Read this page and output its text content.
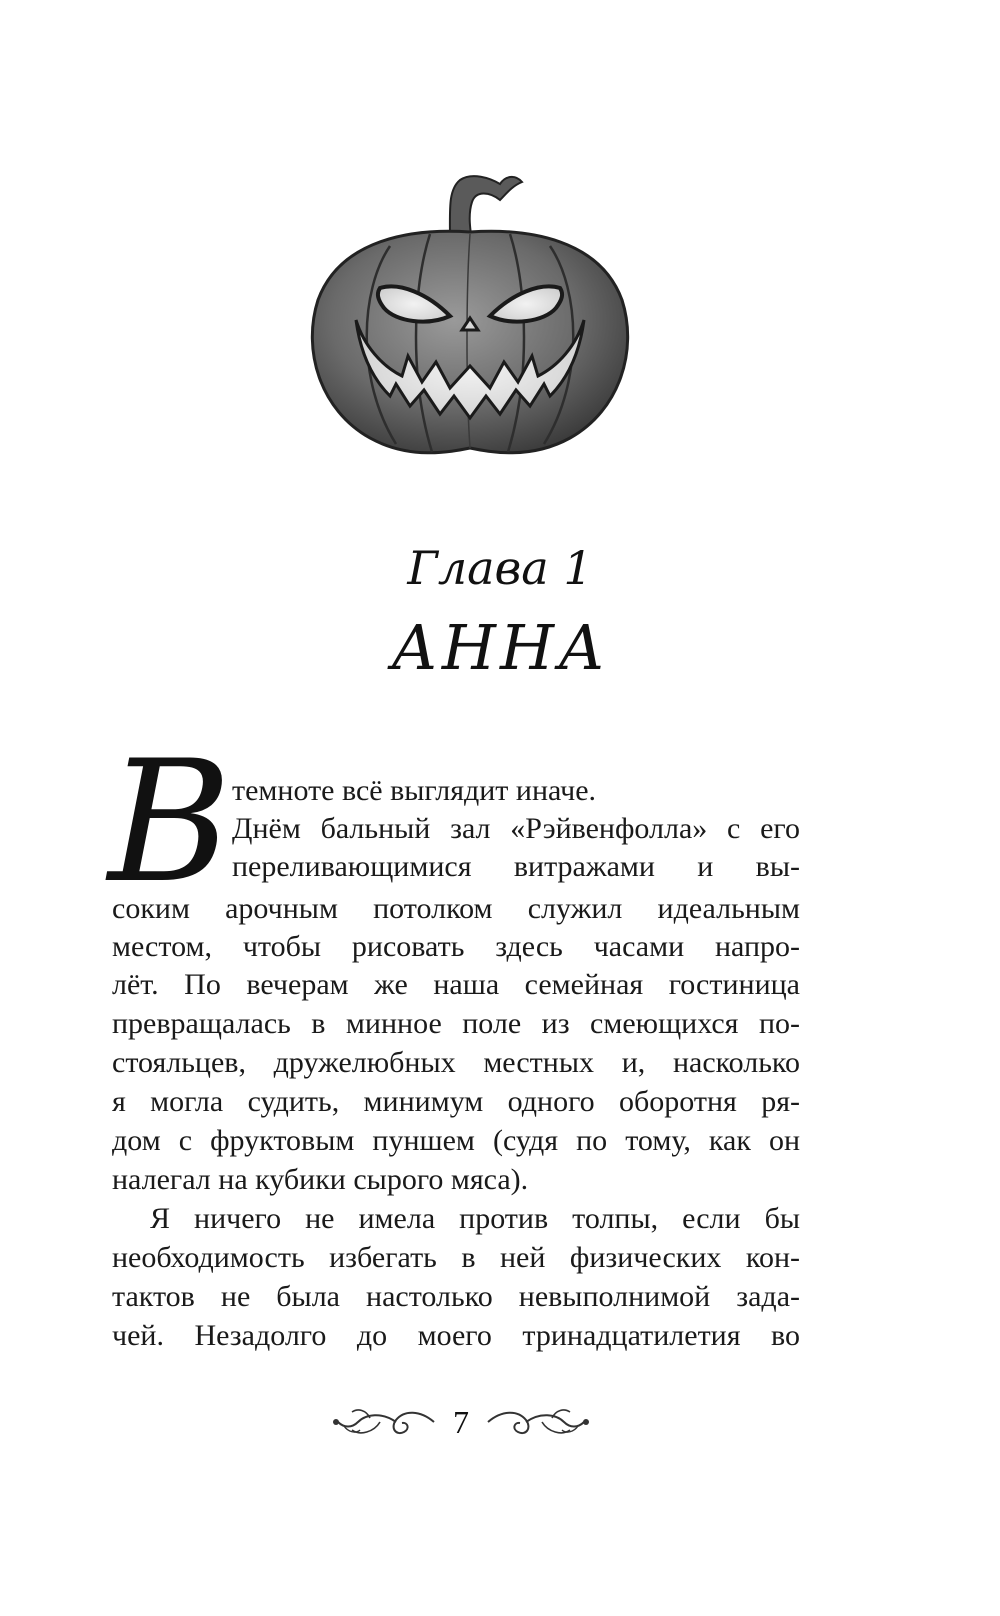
Глава 1
АННА
В темноте всё выглядит иначе.
Днём бальный зал «Рэйвенфолла» с его
переливающимися витражами и вы-
соким арочным потолком служил идеальным
местом, чтобы рисовать здесь часами напро-
лёт. По вечерам же наша семейная гостиница
превращалась в минное поле из смеющихся по-
стояльцев, дружелюбных местных и, насколько
я могла судить, минимум одного оборотня ря-
дом с фруктовым пуншем (судя по тому, как он
налегал на кубики сырого мяса).
Я ничего не имела против толпы, если бы
необходимость избегать в ней физических кон-
тактов не была настолько невыполнимой зада-
чей. Незадолго до моего тринадцатилетия во
7
